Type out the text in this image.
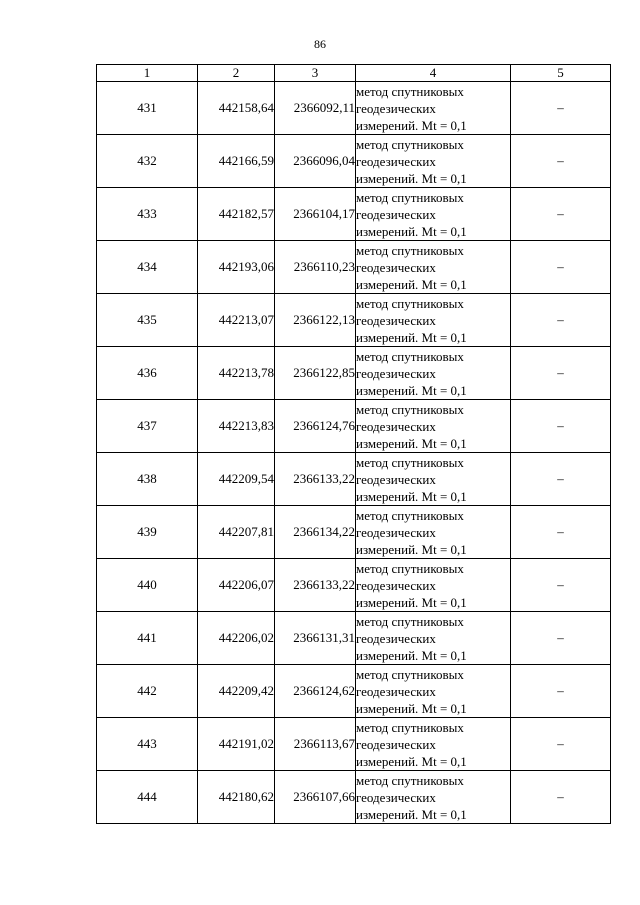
86
1	2	3	4	5
431	442158,64	2366092,11	метод спутниковых
геодезических
измерений. Mt = 0,1	–
432	442166,59	2366096,04	метод спутниковых
геодезических
измерений. Mt = 0,1	–
433	442182,57	2366104,17	метод спутниковых
геодезических
измерений. Mt = 0,1	–
434	442193,06	2366110,23	метод спутниковых
геодезических
измерений. Mt = 0,1	–
435	442213,07	2366122,13	метод спутниковых
геодезических
измерений. Mt = 0,1	–
436	442213,78	2366122,85	метод спутниковых
геодезических
измерений. Mt = 0,1	–
437	442213,83	2366124,76	метод спутниковых
геодезических
измерений. Mt = 0,1	–
438	442209,54	2366133,22	метод спутниковых
геодезических
измерений. Mt = 0,1	–
439	442207,81	2366134,22	метод спутниковых
геодезических
измерений. Mt = 0,1	–
440	442206,07	2366133,22	метод спутниковых
геодезических
измерений. Mt = 0,1	–
441	442206,02	2366131,31	метод спутниковых
геодезических
измерений. Mt = 0,1	–
442	442209,42	2366124,62	метод спутниковых
геодезических
измерений. Mt = 0,1	–
443	442191,02	2366113,67	метод спутниковых
геодезических
измерений. Mt = 0,1	–
444	442180,62	2366107,66	метод спутниковых
геодезических
измерений. Mt = 0,1	–
